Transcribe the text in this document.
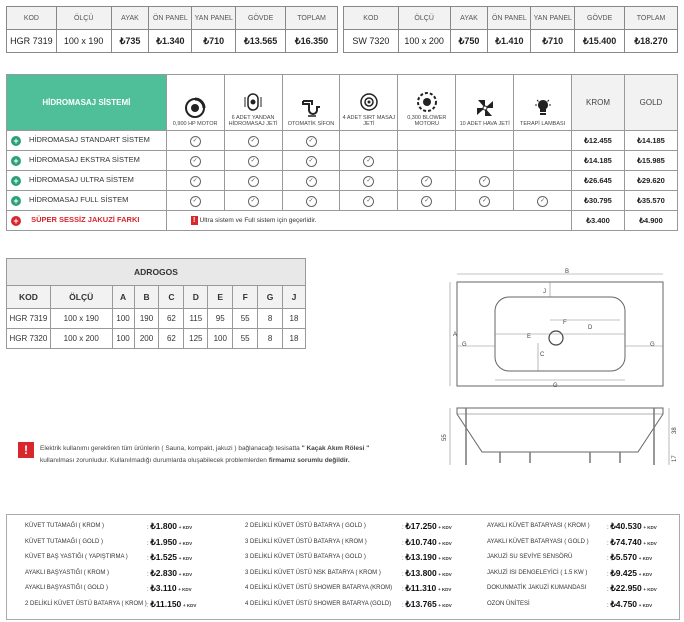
KOD	ÖLÇÜ	AYAK	ÖN PANEL	YAN PANEL	GÖVDE	TOPLAM
HGR 7319	100 x 190	₺735	₺1.340	₺710	₺13.565	₺16.350
KOD	ÖLÇÜ	AYAK	ÖN PANEL	YAN PANEL	GÖVDE	TOPLAM
SW 7320	100 x 200	₺750	₺1.410	₺710	₺15.400	₺18.270
HİDROMASAJ SİSTEMİ	0,900 HP MOTOR	6 ADET YANDAN HİDROMASAJ JETİ	OTOMATİK SİFON	4 ADET SIRT MASAJ JETİ	0,300 BLOWER MOTORU	10 ADET HAVA JETİ	TERAPİ LAMBASI	KROM	GOLD
+ HİDROMASAJ STANDART SİSTEM	✓	✓	✓					₺12.455	₺14.185
+ HİDROMASAJ EKSTRA SİSTEM	✓	✓	✓	✓				₺14.185	₺15.985
+ HİDROMASAJ ULTRA SİSTEM	✓	✓	✓	✓	✓	✓		₺26.645	₺29.620
+ HİDROMASAJ FULL SİSTEM	✓	✓	✓	✓	✓	✓	✓	₺30.795	₺35.570
+ SÜPER SESSİZ JAKUZİ FARKI	! Ultra sistem ve Full sistem için geçerlidir.							₺3.400	₺4.900
ADROGOS									
KOD	ÖLÇÜ	A	B	C	D	E	F	G	J
HGR 7319	100 x 190	100	190	62	115	95	55	8	18
HGR 7320	100 x 200	100	200	62	125	100	55	8	18
B
A
J
F
D
E
C
G	G
G
55
38
17
!	Elektrik kullanımı gerektiren tüm ürünlerin ( Sauna, kompakt, jakuzi ) bağlanacağı tesisatta " Kaçak Akım Rölesi "
kullanılması zorunludur. Kullanılmadığı durumlarda oluşabilecek problemlerden firmamız sorumlu değildir.
KÜVET TUTAMAĞI ( KROM )	: ₺1.800 + KDV
KÜVET TUTAMAĞI ( GOLD )	: ₺1.950 + KDV
KÜVET BAŞ YASTIĞI ( YAPIŞTIRMA )	: ₺1.525 + KDV
AYAKLI BAŞYASTIĞI ( KROM )	: ₺2.830 + KDV
AYAKLI BAŞYASTIĞI ( GOLD )	: ₺3.110 + KDV
2 DELİKLİ KÜVET ÜSTÜ BATARYA ( KROM ) : ₺11.150 + KDV
2 DELİKLİ KÜVET ÜSTÜ BATARYA ( GOLD )	: ₺17.250 + KDV
3 DELİKLİ KÜVET ÜSTÜ BATARYA ( KROM )	: ₺10.740 + KDV
3 DELİKLİ KÜVET ÜSTÜ BATARYA ( GOLD )	: ₺13.190 + KDV
3 DELİKLİ KÜVET ÜSTÜ NSK BATARYA ( KROM )	: ₺13.800 + KDV
4 DELİKLİ KÜVET ÜSTÜ SHOWER BATARYA (KROM) : ₺11.310 + KDV
4 DELİKLİ KÜVET ÜSTÜ SHOWER BATARYA (GOLD) : ₺13.765 + KDV
AYAKLI KÜVET BATARYASI ( KROM )	: ₺40.530 + KDV
AYAKLI KÜVET BATARYASI ( GOLD )	: ₺74.740 + KDV
JAKUZİ SU SEVİYE SENSÖRÜ	: ₺5.570 + KDV
JAKUZİ ISI DENGELEYİCİ ( 1.5 KW )	: ₺9.425 + KDV
DOKUNMATİK JAKUZİ KUMANDASI	: ₺22.950 + KDV
OZON ÜNİTESİ	: ₺4.750 + KDV
